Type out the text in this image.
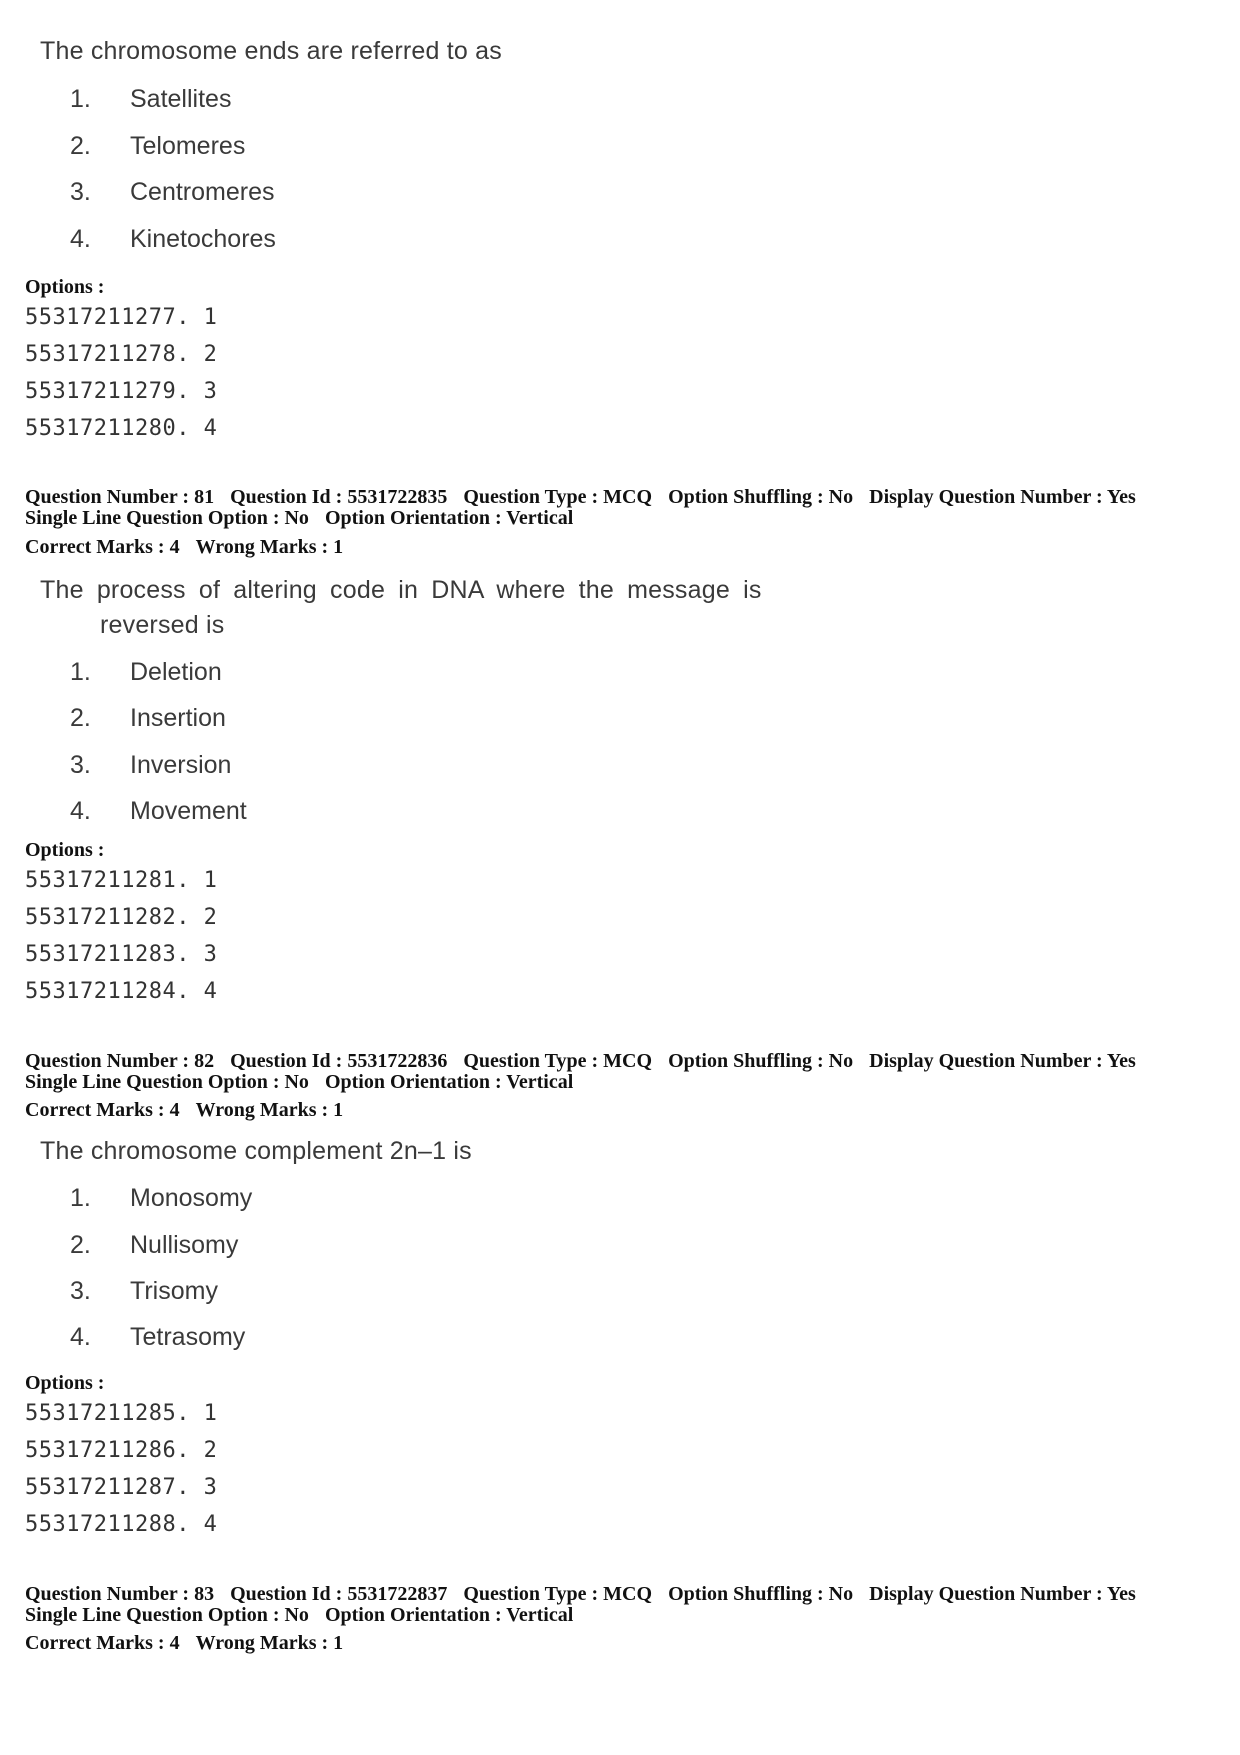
The chromosome ends are referred to as
1. Satellites
2. Telomeres
3. Centromeres
4. Kinetochores
Options :
55317211277. 1
55317211278. 2
55317211279. 3
55317211280. 4
Question Number : 81 Question Id : 5531722835 Question Type : MCQ Option Shuffling : No Display Question Number : Yes
Single Line Question Option : No Option Orientation : Vertical
Correct Marks : 4 Wrong Marks : 1
The process of altering code in DNA where the message is
reversed is
1. Deletion
2. Insertion
3. Inversion
4. Movement
Options :
55317211281. 1
55317211282. 2
55317211283. 3
55317211284. 4
Question Number : 82 Question Id : 5531722836 Question Type : MCQ Option Shuffling : No Display Question Number : Yes
Single Line Question Option : No Option Orientation : Vertical
Correct Marks : 4 Wrong Marks : 1
The chromosome complement 2n–1 is
1. Monosomy
2. Nullisomy
3. Trisomy
4. Tetrasomy
Options :
55317211285. 1
55317211286. 2
55317211287. 3
55317211288. 4
Question Number : 83 Question Id : 5531722837 Question Type : MCQ Option Shuffling : No Display Question Number : Yes
Single Line Question Option : No Option Orientation : Vertical
Correct Marks : 4 Wrong Marks : 1
